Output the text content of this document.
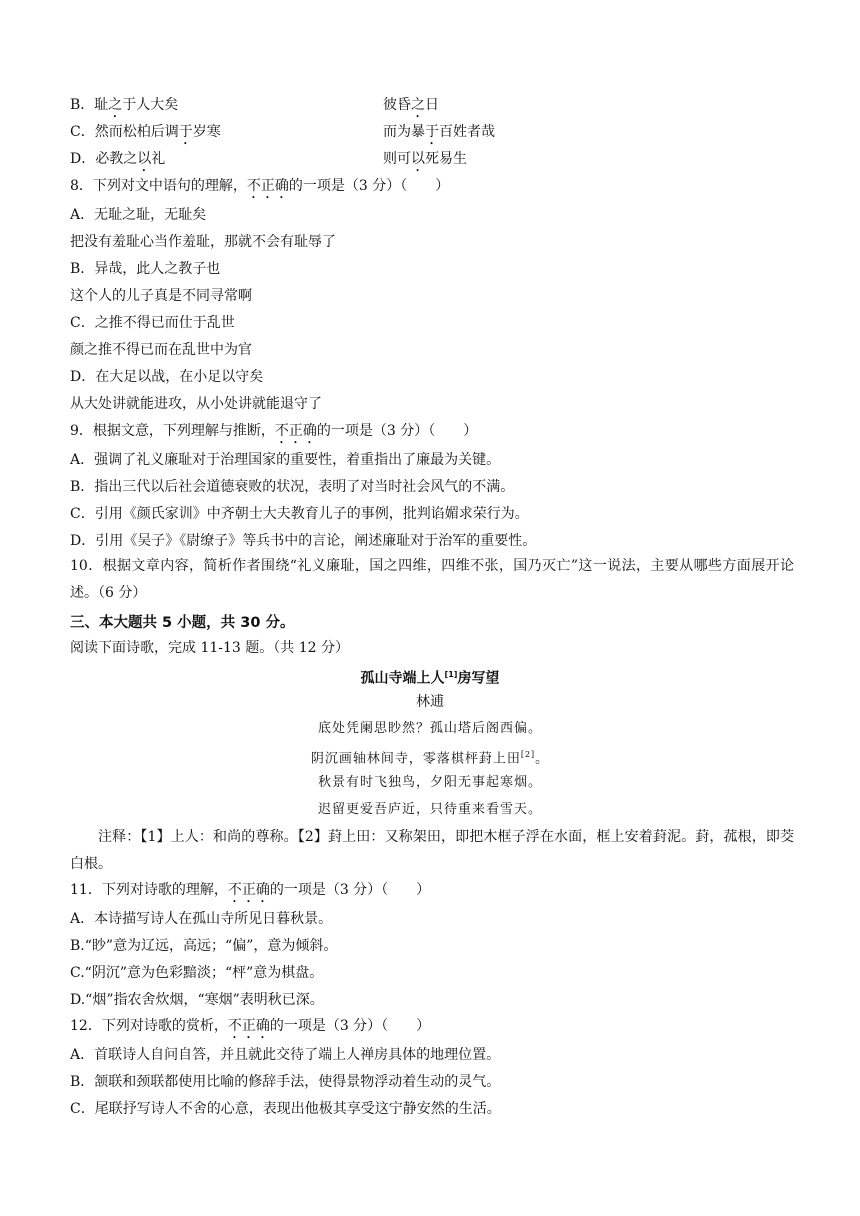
B．耻之于人大矣	彼昏之日
C．然而松柏后调于岁寒	而为暴于百姓者哉
D．必教之以礼	则可以死易生
8．下列对文中语句的理解，不正确的一项是（3 分）（　　）
A．无耻之耻，无耻矣
把没有羞耻心当作羞耻，那就不会有耻辱了
B．异哉，此人之教子也
这个人的儿子真是不同寻常啊
C．之推不得已而仕于乱世
颜之推不得已而在乱世中为官
D．在大足以战，在小足以守矣
从大处讲就能进攻，从小处讲就能退守了
9．根据文意，下列理解与推断，不正确的一项是（3 分）（　　）
A．强调了礼义廉耻对于治理国家的重要性，着重指出了廉最为关键。
B．指出三代以后社会道德衰败的状况，表明了对当时社会风气的不满。
C．引用《颜氏家训》中齐朝士大夫教育儿子的事例，批判谄媚求荣行为。
D．引用《吴子》《尉缭子》等兵书中的言论，阐述廉耻对于治军的重要性。
10．根据文章内容，简析作者围绕“礼义廉耻，国之四维，四维不张，国乃灭亡”这一说法，主要从哪些方面展开论述。（6 分）
三、本大题共 5 小题，共 30 分。
阅读下面诗歌，完成 11-13 题。（共 12 分）
孤山寺端上人[1]房写望
林逋
底处凭阑思眇然？孤山塔后阁西偏。
阴沉画轴林间寺，零落棋枰葑上田[2]。
秋景有时飞独鸟，夕阳无事起寒烟。
迟留更爱吾庐近，只待重来看雪天。
注释：【1】上人：和尚的尊称。【2】葑上田：又称架田，即把木框子浮在水面，框上安着葑泥。葑，菰根，即茭白根。
11．下列对诗歌的理解，不正确的一项是（3 分）（　　）
A．本诗描写诗人在孤山寺所见日暮秋景。
B.“眇”意为辽远，高远；“偏”，意为倾斜。
C.“阴沉”意为色彩黯淡；“枰”意为棋盘。
D.“烟”指农舍炊烟，“寒烟”表明秋已深。
12．下列对诗歌的赏析，不正确的一项是（3 分）（　　）
A．首联诗人自问自答，并且就此交待了端上人禅房具体的地理位置。
B．颔联和颈联都使用比喻的修辞手法，使得景物浮动着生动的灵气。
C．尾联抒写诗人不舍的心意，表现出他极其享受这宁静安然的生活。
